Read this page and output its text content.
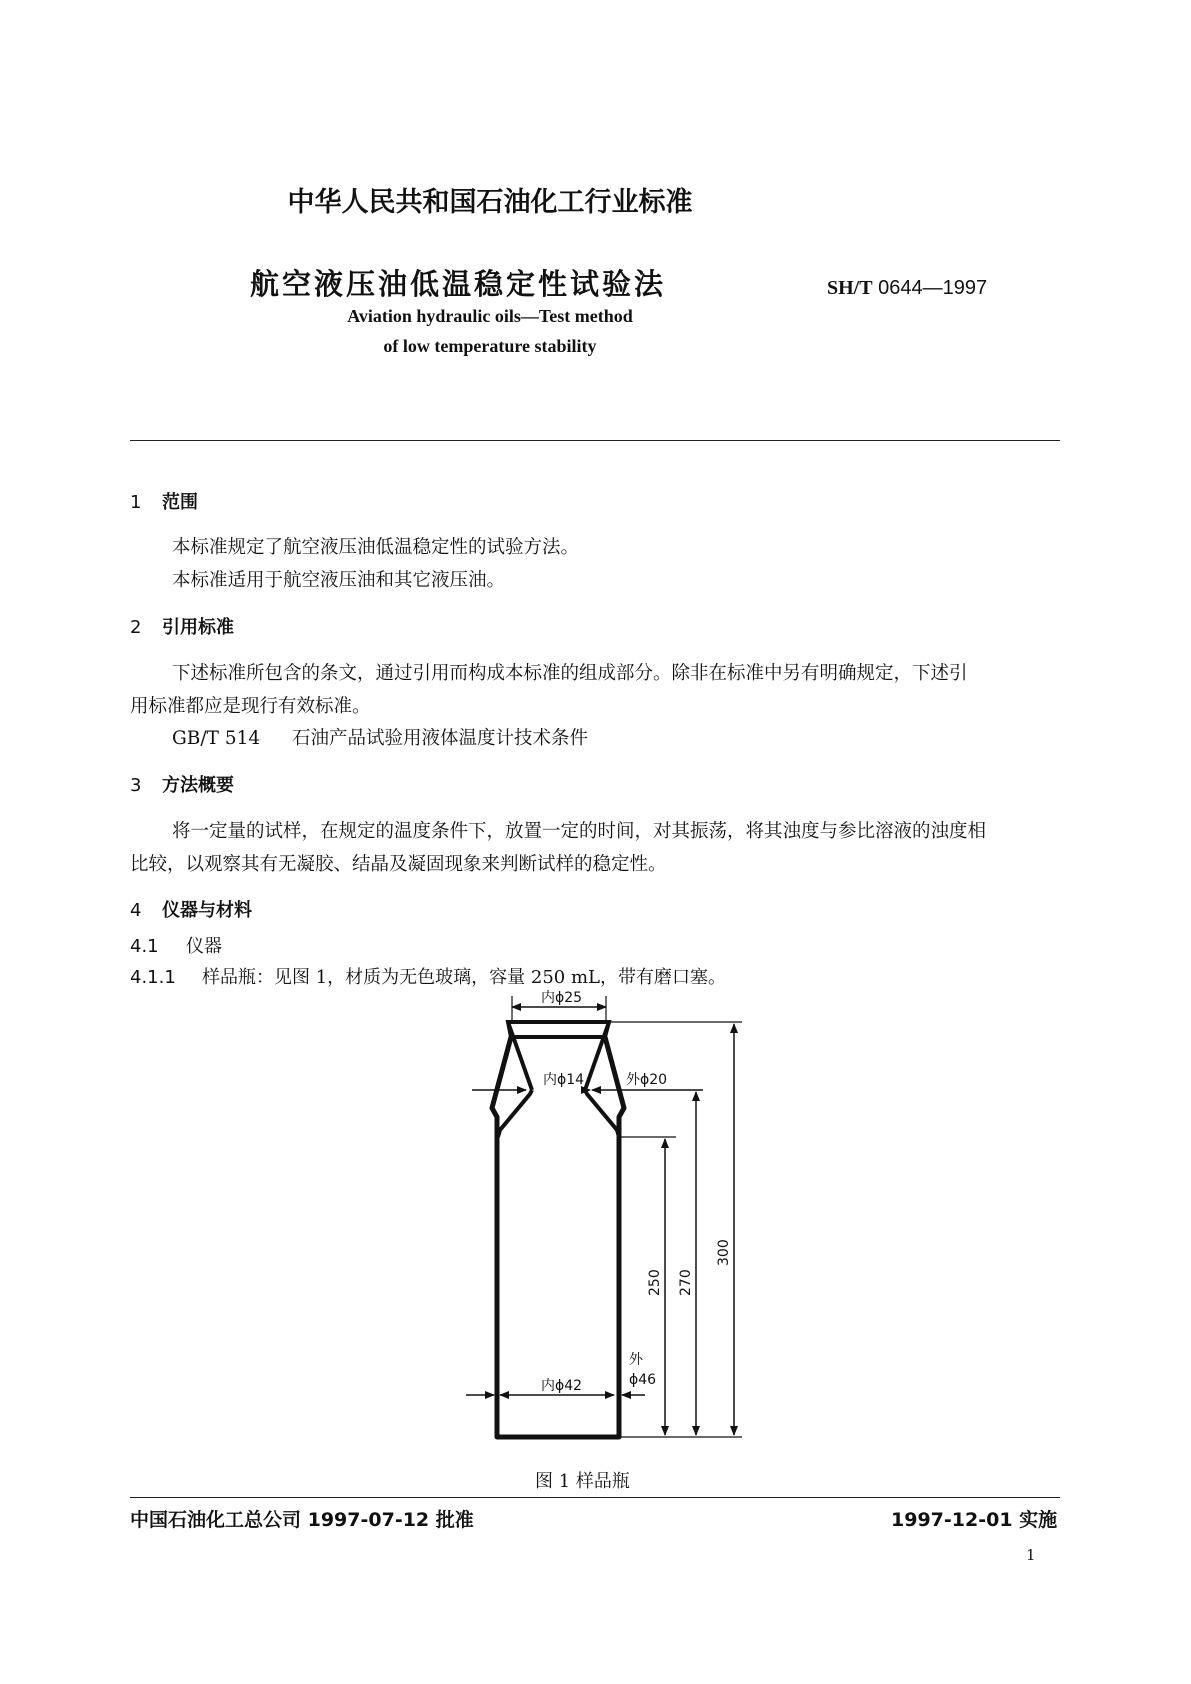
中华人民共和国石油化工行业标准

航空液压油低温稳定性试验法	SH/T 0644—1997

Aviation hydraulic oils—Test method

of low temperature stability

1 范围

本标准规定了航空液压油低温稳定性的试验方法。

本标准适用于航空液压油和其它液压油。

2 引用标准

下述标准所包含的条文，通过引用而构成本标准的组成部分。除非在标准中另有明确规定，下述引

用标准都应是现行有效标准。

GB/T 514 石油产品试验用液体温度计技术条件

3 方法概要

将一定量的试样，在规定的温度条件下，放置一定的时间，对其振荡，将其浊度与参比溶液的浊度相

比较，以观察其有无凝胶、结晶及凝固现象来判断试样的稳定性。

4 仪器与材料

4.1 仪器

4.1.1 样品瓶：见图 1，材质为无色玻璃，容量 250 mL，带有磨口塞。

内ϕ25
内ϕ14	外ϕ20
内ϕ42
外
ϕ46
250 270
300

图 1 样品瓶

中国石油化工总公司 1997-07-12 批准	1997-12-01 实施

1
